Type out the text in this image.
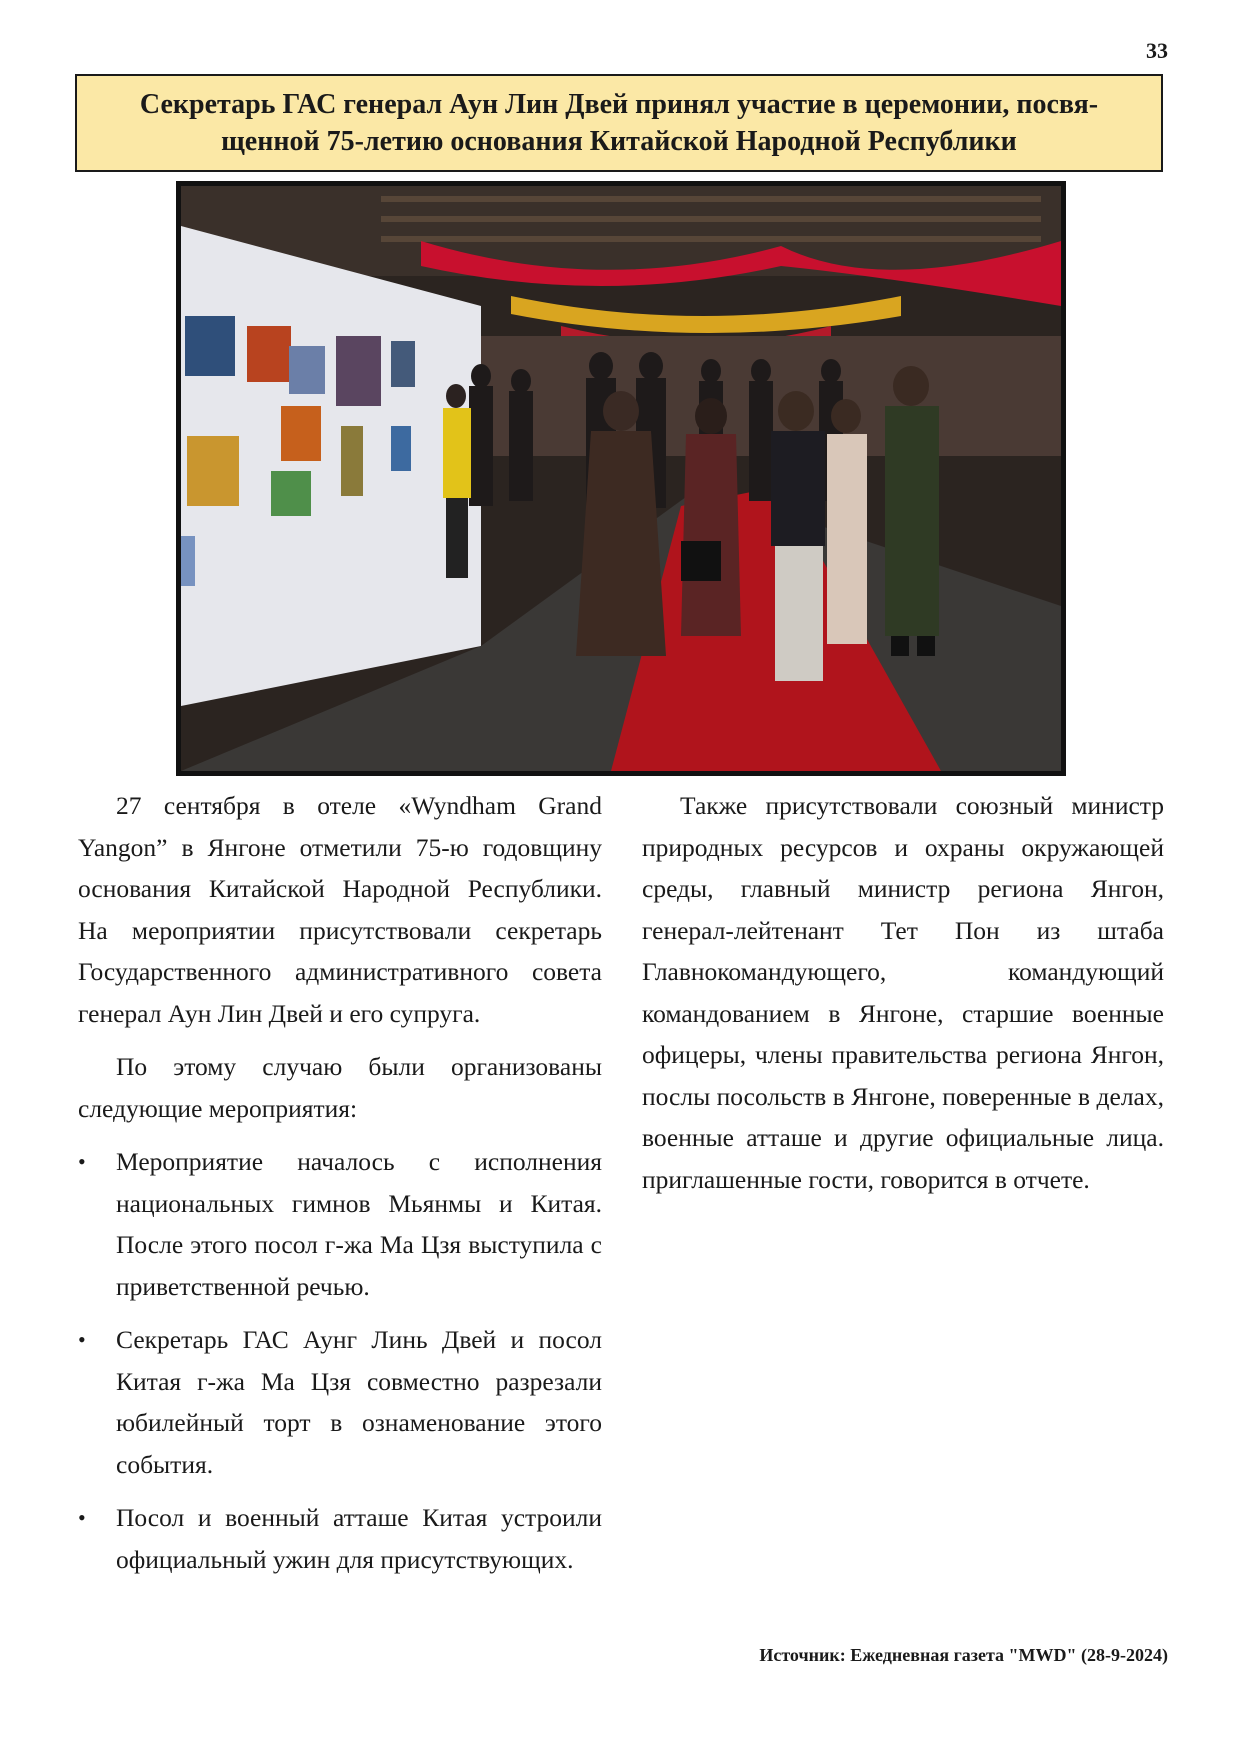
33
Секретарь ГАС генерал Аун Лин Двей принял участие в церемонии, посвя-
щенной 75-летию основания Китайской Народной Республики

27 сентября в отеле «Wyndham Grand Yangon” в Янгоне отметили 75-ю годовщину основания Китайской Народной Республики. На мероприятии присутствовали секретарь Государственного административного совета генерал Аун Лин Двей и его супруга.

По этому случаю были организованы следующие мероприятия:

• Мероприятие началось с исполнения национальных гимнов Мьянмы и Китая. После этого посол г-жа Ма Цзя выступила с приветственной речью.
• Секретарь ГАС Аунг Линь Двей и посол Китая г-жа Ма Цзя совместно разрезали юбилейный торт в ознаменование этого события.
• Посол и военный атташе Китая устроили официальный ужин для присутствующих.

Также присутствовали союзный министр природных ресурсов и охраны окружающей среды, главный министр региона Янгон, генерал-лейтенант Тет Пон из штаба Главнокомандующего, командующий командованием в Янгоне, старшие военные офицеры, члены правительства региона Янгон, послы посольств в Янгоне, поверенные в делах, военные атташе и другие официальные лица. приглашенные гости, говорится в отчете.

Источник: Ежедневная газета "MWD" (28-9-2024)
